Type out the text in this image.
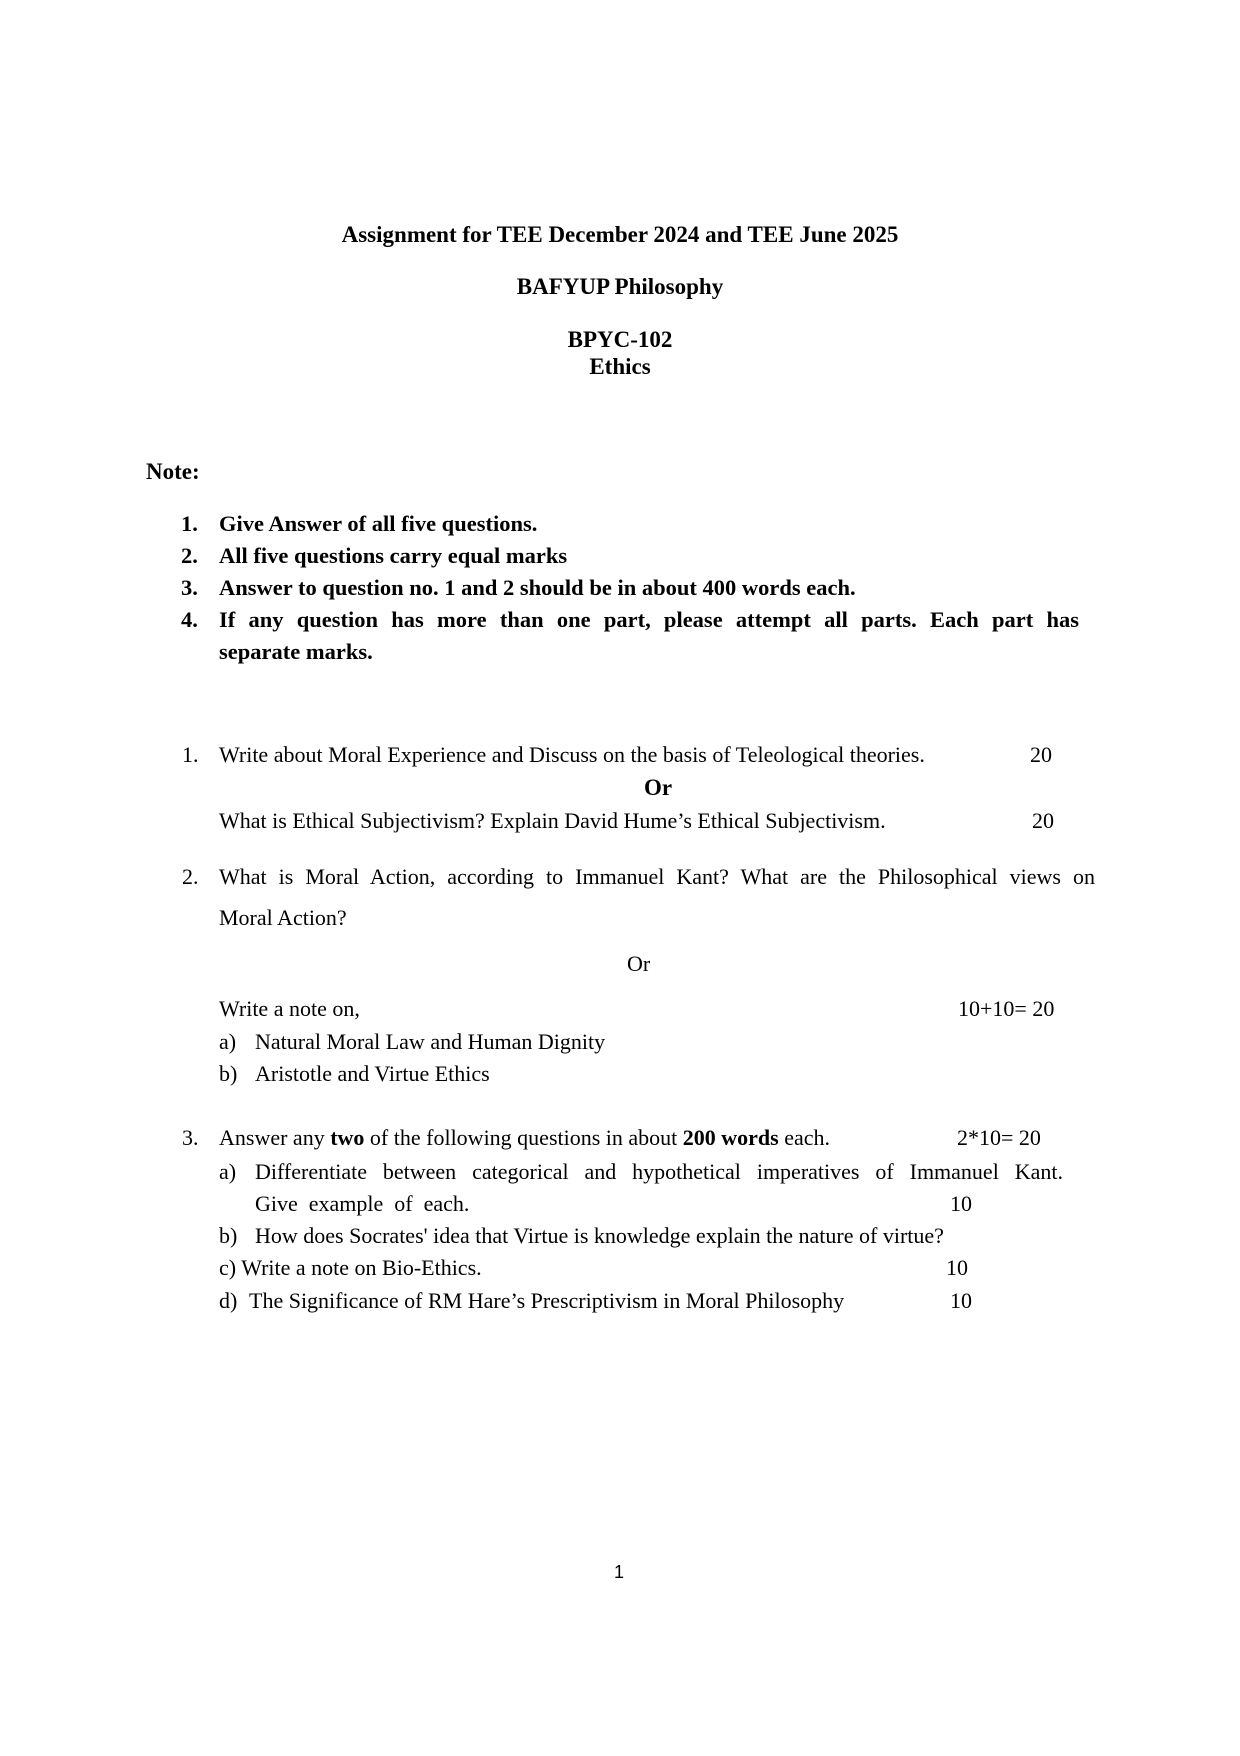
Assignment for TEE December 2024 and TEE June 2025
BAFYUP Philosophy
BPYC-102
Ethics
Note:
1. Give Answer of all five questions.
2. All five questions carry equal marks
3. Answer to question no. 1 and 2 should be in about 400 words each.
4. If any question has more than one part, please attempt all parts. Each part has
separate marks.
1. Write about Moral Experience and Discuss on the basis of Teleological theories.	20
Or
What is Ethical Subjectivism? Explain David Hume’s Ethical Subjectivism.	20
2. What is Moral Action, according to Immanuel Kant? What are the Philosophical views on
Moral Action?
Or
Write a note on,	10+10= 20
a) Natural Moral Law and Human Dignity
b) Aristotle and Virtue Ethics
3. Answer any two of the following questions in about 200 words each.	2*10= 20
a) Differentiate between categorical and hypothetical imperatives of Immanuel Kant.
Give  example  of  each.	10
b) How does Socrates' idea that Virtue is knowledge explain the nature of virtue?
c) Write a note on Bio-Ethics.	10
d) The Significance of RM Hare’s Prescriptivism in Moral Philosophy	10
1
